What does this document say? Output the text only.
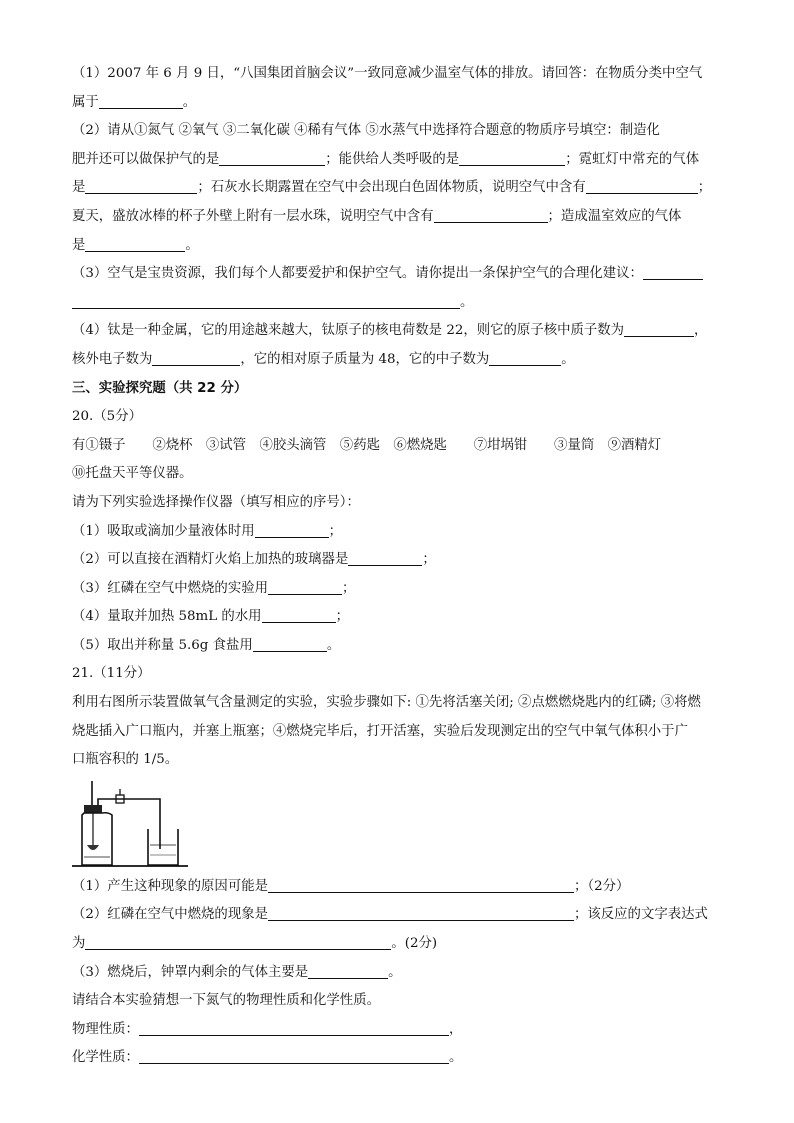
（1）2007 年 6 月 9 日，“八国集团首脑会议”一致同意减少温室气体的排放。请回答：在物质分类中空气
属于	。
（2）请从①氮气 ②氧气 ③二氧化碳 ④稀有气体 ⑤水蒸气中选择符合题意的物质序号填空：制造化
肥并还可以做保护气的是	；能供给人类呼吸的是	；霓虹灯中常充的气体
是	；石灰水长期露置在空气中会出现白色固体物质，说明空气中含有	；
夏天，盛放冰棒的杯子外壁上附有一层水珠，说明空气中含有	；造成温室效应的气体
是	。
（3）空气是宝贵资源，我们每个人都要爱护和保护空气。请你提出一条保护空气的合理化建议：
。
（4）钛是一种金属，它的用途越来越大，钛原子的核电荷数是 22，则它的原子核中质子数为	，
核外电子数为	，它的相对原子质量为 48，它的中子数为	。
三、实验探究题（共 22 分）
20.（5分）
有①镊子　　②烧杯　③试管　④胶头滴管　⑤药匙　⑥燃烧匙　　⑦坩埚钳　　③量筒　⑨酒精灯
⑩托盘天平等仪器。
请为下列实验选择操作仪器（填写相应的序号）：
（1）吸取或滴加少量液体时用	；
（2）可以直接在酒精灯火焰上加热的玻璃器是	；
（3）红磷在空气中燃烧的实验用	；
（4）量取并加热 58mL 的水用	；
（5）取出并称量 5.6g 食盐用	。
21.（11分）
利用右图所示装置做氧气含量测定的实验，实验步骤如下: ①先将活塞关闭; ②点燃燃烧匙内的红磷; ③将燃
烧匙插入广口瓶内，并塞上瓶塞；④燃烧完毕后，打开活塞，实验后发现测定出的空气中氧气体积小于广
口瓶容积的 1/5。
（1）产生这种现象的原因可能是	；（2分）
（2）红磷在空气中燃烧的现象是	；该反应的文字表达式
为	。(2分)
（3）燃烧后，钟罩内剩余的气体主要是	。
请结合本实验猜想一下氮气的物理性质和化学性质。
物理性质：	，
化学性质：	。
